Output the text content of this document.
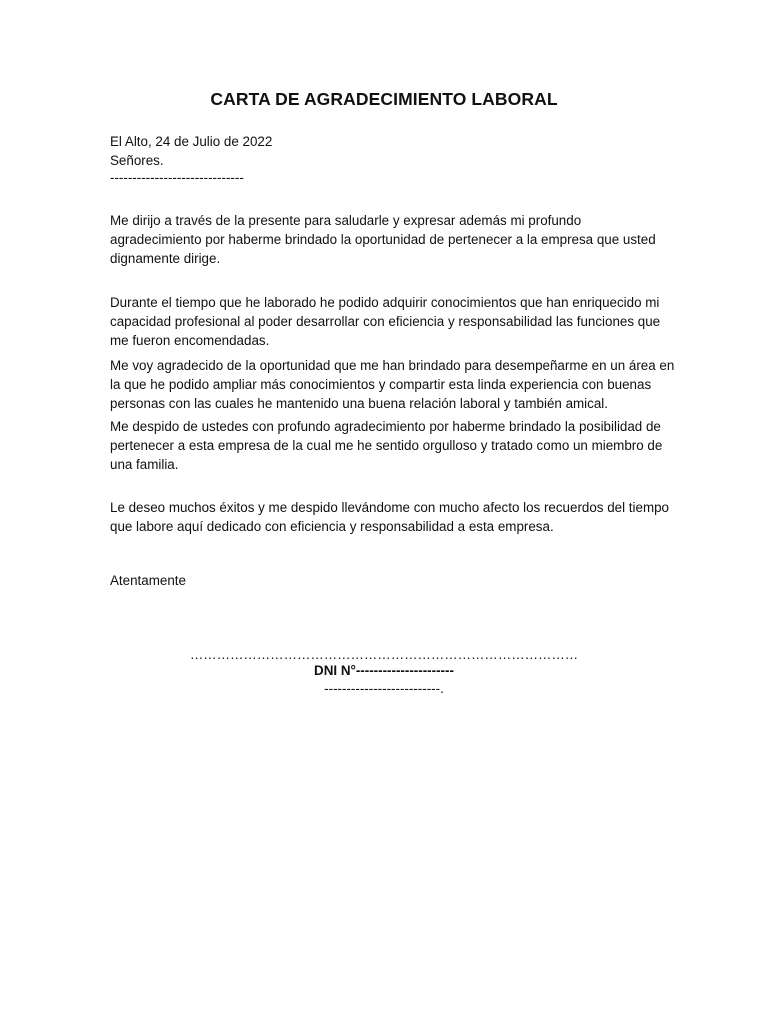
CARTA DE AGRADECIMIENTO LABORAL
El Alto, 24 de Julio de 2022
Señores.
------------------------------
Me dirijo a través de la presente para saludarle y expresar además mi profundo
agradecimiento por haberme brindado la oportunidad de pertenecer a la empresa que usted
dignamente dirige.
Durante el tiempo que he laborado he podido adquirir conocimientos que han enriquecido mi
capacidad profesional al poder desarrollar con eficiencia y responsabilidad las funciones que
me fueron encomendadas.
Me voy agradecido de la oportunidad que me han brindado para desempeñarme en un área en
la que he podido ampliar más conocimientos y compartir esta linda experiencia con buenas
personas con las cuales he mantenido una buena relación laboral y también amical.
Me despido de ustedes con profundo agradecimiento por haberme brindado la posibilidad de
pertenecer a esta empresa de la cual me he sentido orgulloso y tratado como un miembro de
una familia.
Le deseo muchos éxitos y me despido llevándome con mucho afecto los recuerdos del tiempo
que labore aquí dedicado con eficiencia y responsabilidad a esta empresa.
Atentamente
……………………………………………………………………………
DNI N°----------------------
--------------------------.
